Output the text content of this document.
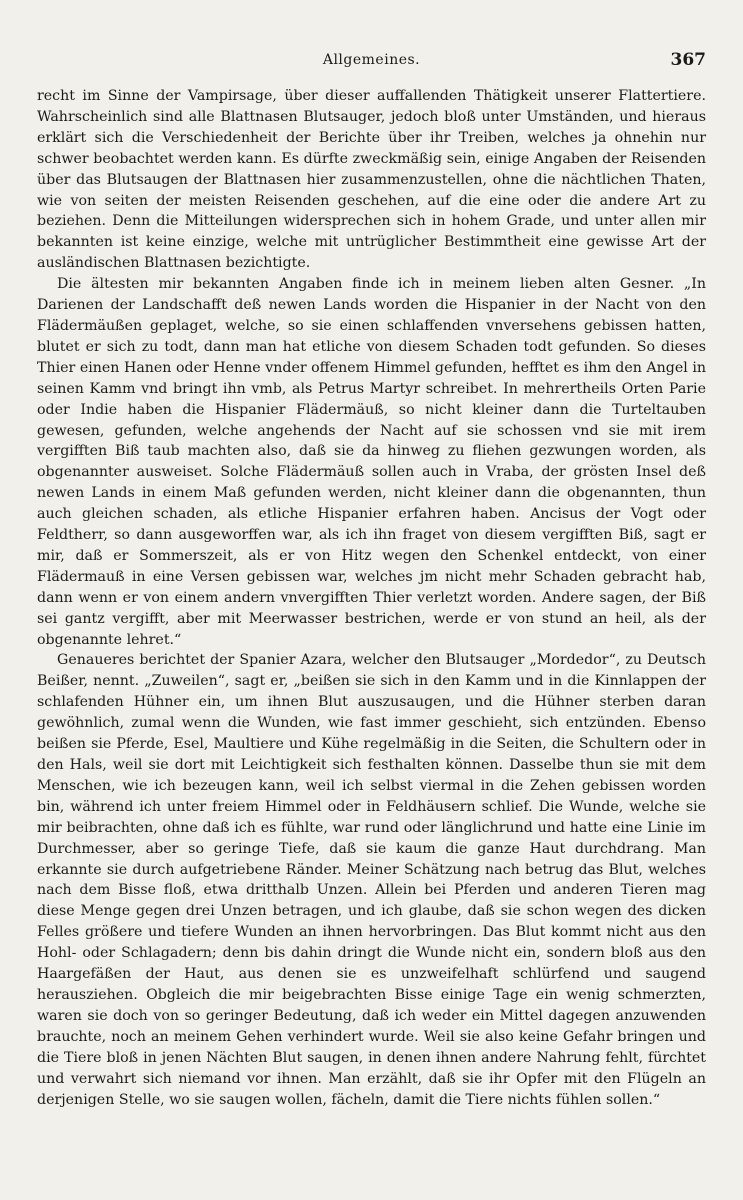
Allgemeines.	367

recht im Sinne der Vampirsage, über dieser auffallenden Thätigkeit unserer Flattertiere. Wahrscheinlich sind alle Blattnasen Blutsauger, jedoch bloß unter Umständen, und hieraus erklärt sich die Verschiedenheit der Berichte über ihr Treiben, welches ja ohnehin nur schwer beobachtet werden kann. Es dürfte zweckmäßig sein, einige Angaben der Reisenden über das Blutsaugen der Blattnasen hier zusammenzustellen, ohne die nächtlichen Thaten, wie von seiten der meisten Reisenden geschehen, auf die eine oder die andere Art zu beziehen. Denn die Mitteilungen widersprechen sich in hohem Grade, und unter allen mir bekannten ist keine einzige, welche mit untrüglicher Bestimmtheit eine gewisse Art der ausländischen Blattnasen bezichtigte.

Die ältesten mir bekannten Angaben finde ich in meinem lieben alten Gesner. „In Darienen der Landschafft deß newen Lands worden die Hispanier in der Nacht von den Flädermäußen geplaget, welche, so sie einen schlaffenden vnversehens gebissen hatten, blutet er sich zu todt, dann man hat etliche von diesem Schaden todt gefunden. So dieses Thier einen Hanen oder Henne vnder offenem Himmel gefunden, hefftet es ihm den Angel in seinen Kamm vnd bringt ihn vmb, als Petrus Martyr schreibet. In mehrertheils Orten Parie oder Indie haben die Hispanier Flädermäuß, so nicht kleiner dann die Turteltauben gewesen, gefunden, welche angehends der Nacht auf sie schossen vnd sie mit irem vergifften Biß taub machten also, daß sie da hinweg zu fliehen gezwungen worden, als obgenannter ausweiset. Solche Flädermäuß sollen auch in Vraba, der grösten Insel deß newen Lands in einem Maß gefunden werden, nicht kleiner dann die obgenannten, thun auch gleichen schaden, als etliche Hispanier erfahren haben. Ancisus der Vogt oder Feldtherr, so dann ausgeworffen war, als ich ihn fraget von diesem vergifften Biß, sagt er mir, daß er Sommerszeit, als er von Hitz wegen den Schenkel entdeckt, von einer Flädermauß in eine Versen gebissen war, welches jm nicht mehr Schaden gebracht hab, dann wenn er von einem andern vnvergifften Thier verletzt worden. Andere sagen, der Biß sei gantz vergifft, aber mit Meerwasser bestrichen, werde er von stund an heil, als der obgenannte lehret.“

Genaueres berichtet der Spanier Azara, welcher den Blutsauger „Mordedor“, zu Deutsch Beißer, nennt. „Zuweilen“, sagt er, „beißen sie sich in den Kamm und in die Kinnlappen der schlafenden Hühner ein, um ihnen Blut auszusaugen, und die Hühner sterben daran gewöhnlich, zumal wenn die Wunden, wie fast immer geschieht, sich entzünden. Ebenso beißen sie Pferde, Esel, Maultiere und Kühe regelmäßig in die Seiten, die Schultern oder in den Hals, weil sie dort mit Leichtigkeit sich festhalten können. Dasselbe thun sie mit dem Menschen, wie ich bezeugen kann, weil ich selbst viermal in die Zehen gebissen worden bin, während ich unter freiem Himmel oder in Feldhäusern schlief. Die Wunde, welche sie mir beibrachten, ohne daß ich es fühlte, war rund oder länglichrund und hatte eine Linie im Durchmesser, aber so geringe Tiefe, daß sie kaum die ganze Haut durchdrang. Man erkannte sie durch aufgetriebene Ränder. Meiner Schätzung nach betrug das Blut, welches nach dem Bisse floß, etwa dritthalb Unzen. Allein bei Pferden und anderen Tieren mag diese Menge gegen drei Unzen betragen, und ich glaube, daß sie schon wegen des dicken Felles größere und tiefere Wunden an ihnen hervorbringen. Das Blut kommt nicht aus den Hohl- oder Schlagadern; denn bis dahin dringt die Wunde nicht ein, sondern bloß aus den Haargefäßen der Haut, aus denen sie es unzweifelhaft schlürfend und saugend herausziehen. Obgleich die mir beigebrachten Bisse einige Tage ein wenig schmerzten, waren sie doch von so geringer Bedeutung, daß ich weder ein Mittel dagegen anzuwenden brauchte, noch an meinem Gehen verhindert wurde. Weil sie also keine Gefahr bringen und die Tiere bloß in jenen Nächten Blut saugen, in denen ihnen andere Nahrung fehlt, fürchtet und verwahrt sich niemand vor ihnen. Man erzählt, daß sie ihr Opfer mit den Flügeln an derjenigen Stelle, wo sie saugen wollen, fächeln, damit die Tiere nichts fühlen sollen.“
